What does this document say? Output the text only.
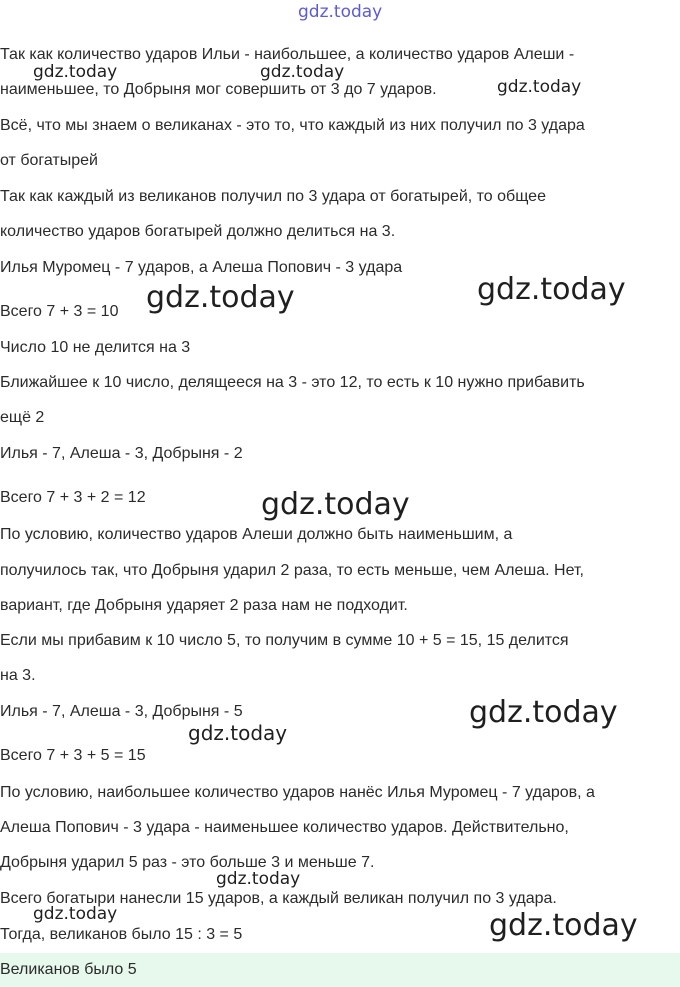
gdz.today
Так как количество ударов Ильи - наибольшее, а количество ударов Алеши -
наименьшее, то Добрыня мог совершить от 3 до 7 ударов.
Всё, что мы знаем о великанах - это то, что каждый из них получил по 3 удара
от богатырей
Так как каждый из великанов получил по 3 удара от богатырей, то общее
количество ударов богатырей должно делиться на 3.
Илья Муромец - 7 ударов, а Алеша Попович - 3 удара
Всего 7 + 3 = 10
Число 10 не делится на 3
Ближайшее к 10 число, делящееся на 3 - это 12, то есть к 10 нужно прибавить
ещё 2
Илья - 7, Алеша - 3, Добрыня - 2
Всего 7 + 3 + 2 = 12
По условию, количество ударов Алеши должно быть наименьшим, а
получилось так, что Добрыня ударил 2 раза, то есть меньше, чем Алеша. Нет,
вариант, где Добрыня ударяет 2 раза нам не подходит.
Если мы прибавим к 10 число 5, то получим в сумме 10 + 5 = 15, 15 делится
на 3.
Илья - 7, Алеша - 3, Добрыня - 5
Всего 7 + 3 + 5 = 15
По условию, наибольшее количество ударов нанёс Илья Муромец - 7 ударов, а
Алеша Попович - 3 удара - наименьшее количество ударов. Действительно,
Добрыня ударил 5 раз - это больше 3 и меньше 7.
Всего богатыри нанесли 15 ударов, а каждый великан получил по 3 удара.
Тогда, великанов было 15 : 3 = 5
Великанов было 5
gdz.today	gdz.today
gdz.today
gdz.today	gdz.today
gdz.today
gdz.today
gdz.today
gdz.today
gdz.today	gdz.today
